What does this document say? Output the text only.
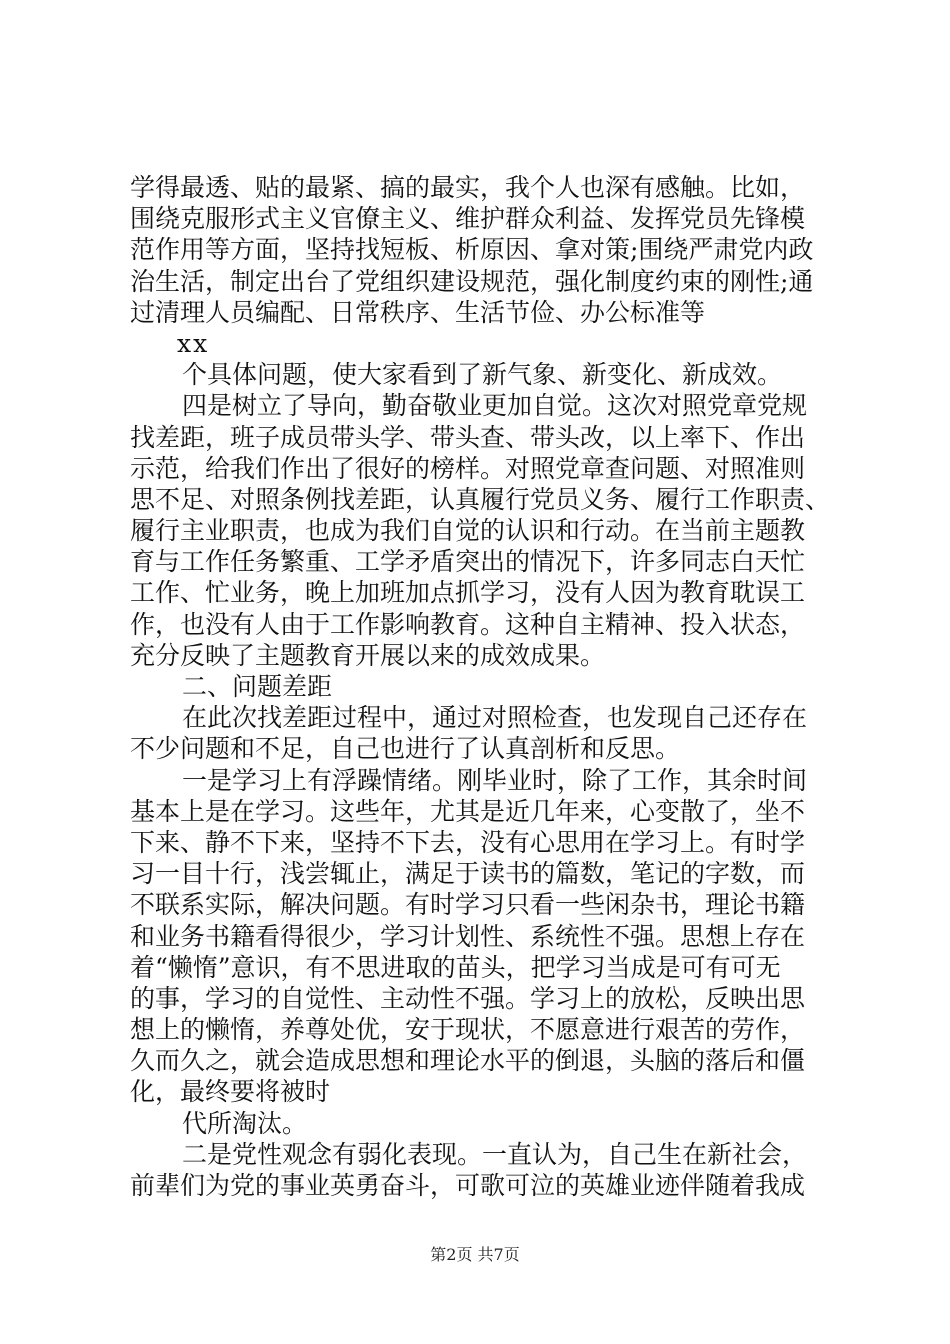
学得最透、贴的最紧、搞的最实，我个人也深有感触。比如，
围绕克服形式主义官僚主义、维护群众利益、发挥党员先锋模
范作用等方面，坚持找短板、析原因、拿对策;围绕严肃党内政
治生活，制定出台了党组织建设规范，强化制度约束的刚性;通
过清理人员编配、日常秩序、生活节俭、办公标准等
xx
个具体问题，使大家看到了新气象、新变化、新成效。
四是树立了导向，勤奋敬业更加自觉。这次对照党章党规
找差距，班子成员带头学、带头查、带头改，以上率下、作出
示范，给我们作出了很好的榜样。对照党章查问题、对照准则
思不足、对照条例找差距，认真履行党员义务、履行工作职责、
履行主业职责，也成为我们自觉的认识和行动。在当前主题教
育与工作任务繁重、工学矛盾突出的情况下，许多同志白天忙
工作、忙业务，晚上加班加点抓学习，没有人因为教育耽误工
作，也没有人由于工作影响教育。这种自主精神、投入状态，
充分反映了主题教育开展以来的成效成果。
二、问题差距
在此次找差距过程中，通过对照检查，也发现自己还存在
不少问题和不足，自己也进行了认真剖析和反思。
一是学习上有浮躁情绪。刚毕业时，除了工作，其余时间
基本上是在学习。这些年，尤其是近几年来，心变散了，坐不
下来、静不下来，坚持不下去，没有心思用在学习上。有时学
习一目十行，浅尝辄止，满足于读书的篇数，笔记的字数，而
不联系实际，解决问题。有时学习只看一些闲杂书，理论书籍
和业务书籍看得很少，学习计划性、系统性不强。思想上存在
着“懒惰”意识，有不思进取的苗头，把学习当成是可有可无
的事，学习的自觉性、主动性不强。学习上的放松，反映出思
想上的懒惰，养尊处优，安于现状，不愿意进行艰苦的劳作，
久而久之，就会造成思想和理论水平的倒退，头脑的落后和僵
化，最终要将被时
代所淘汰。
二是党性观念有弱化表现。一直认为，自己生在新社会，
前辈们为党的事业英勇奋斗，可歌可泣的英雄业迹伴随着我成
第2页 共7页
